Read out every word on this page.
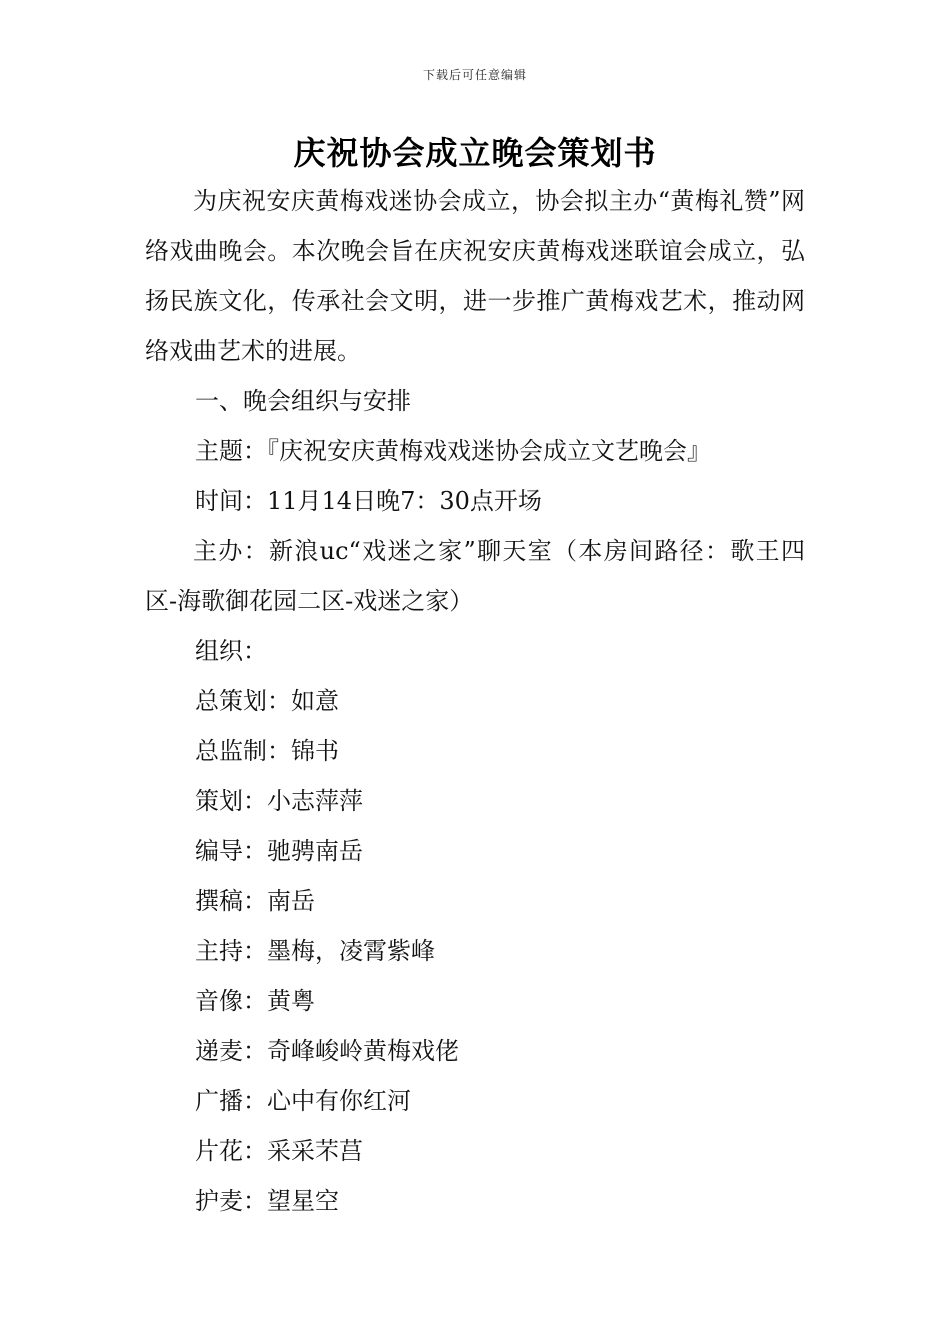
下载后可任意编辑
庆祝协会成立晚会策划书

为庆祝安庆黄梅戏迷协会成立，协会拟主办“黄梅礼赞”网络戏曲晚会。本次晚会旨在庆祝安庆黄梅戏迷联谊会成立，弘扬民族文化，传承社会文明，进一步推广黄梅戏艺术，推动网络戏曲艺术的进展。

一、晚会组织与安排

主题：『庆祝安庆黄梅戏戏迷协会成立文艺晚会』

时间：11月14日晚7：30点开场

主办：新浪uc“戏迷之家”聊天室（本房间路径：歌王四区-海歌御花园二区-戏迷之家）

组织：

总策划：如意

总监制：锦书

策划：小志萍萍

编导：驰骋南岳

撰稿：南岳

主持：墨梅，凌霄紫峰

音像：黄粤

递麦：奇峰峻岭黄梅戏佬

广播：心中有你红河

片花：采采芣莒

护麦：望星空
